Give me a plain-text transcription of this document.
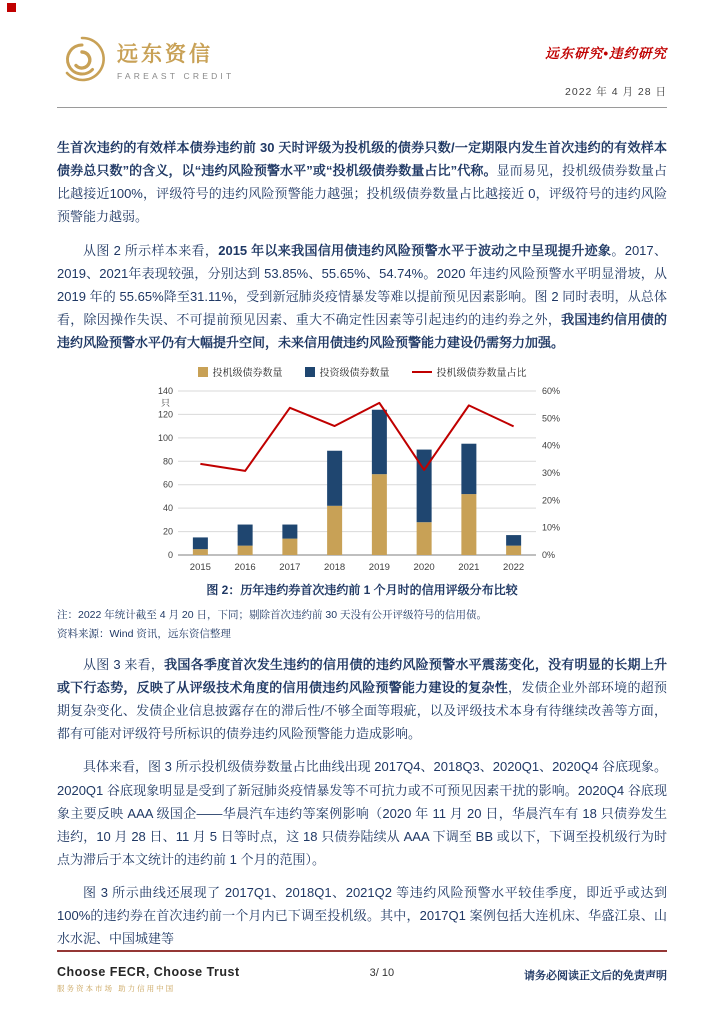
远东资信
FAREAST CREDIT
远东研究•违约研究
2022 年 4 月 28 日

生首次违约的有效样本债券违约前 30 天时评级为投机级的债券只数/一定期限内发生首次违约的有效样本债券总只数”的含义，以“违约风险预警水平”或“投机级债券数量占比”代称。显而易见，投机级债券数量占比越接近100%，评级符号的违约风险预警能力越强；投机级债券数量占比越接近 0，评级符号的违约风险预警能力越弱。

从图 2 所示样本来看，2015 年以来我国信用债违约风险预警水平于波动之中呈现提升迹象。2017、2019、2021年表现较强，分别达到 53.85%、55.65%、54.74%。2020 年违约风险预警水平明显滑坡，从 2019 年的 55.65%降至31.11%，受到新冠肺炎疫情暴发等难以提前预见因素影响。图 2 同时表明，从总体看，除因操作失误、不可提前预见因素、重大不确定性因素等引起违约的违约券之外，我国违约信用债的违约风险预警水平仍有大幅提升空间，未来信用债违约风险预警能力建设仍需努力加强。

投机级债券数量	投资级债券数量	投机级债券数量占比
0
20
40
60
80
100
120
140
只
0%
10%
20%
30%
40%
50%
60%
2015 2016 2017 2018 2019 2020 2021 2022
图 2：历年违约券首次违约前 1 个月时的信用评级分布比较
注：2022 年统计截至 4 月 20 日，下同；剔除首次违约前 30 天没有公开评级符号的信用债。
资料来源：Wind 资讯，远东资信整理

从图 3 来看，我国各季度首次发生违约的信用债的违约风险预警水平震荡变化，没有明显的长期上升或下行态势，反映了从评级技术角度的信用债违约风险预警能力建设的复杂性，发债企业外部环境的超预期复杂变化、发债企业信息披露存在的滞后性/不够全面等瑕疵，以及评级技术本身有待继续改善等方面，都有可能对评级符号所标识的债券违约风险预警能力造成影响。

具体来看，图 3 所示投机级债券数量占比曲线出现 2017Q4、2018Q3、2020Q1、2020Q4 谷底现象。2020Q1 谷底现象明显是受到了新冠肺炎疫情暴发等不可抗力或不可预见因素干扰的影响。2020Q4 谷底现象主要反映 AAA 级国企——华晨汽车违约等案例影响（2020 年 11 月 20 日，华晨汽车有 18 只债券发生违约，10 月 28 日、11 月 5 日等时点，这 18 只债券陆续从 AAA 下调至 BB 或以下，下调至投机级行为时点为滞后于本文统计的违约前 1 个月的范围）。

图 3 所示曲线还展现了 2017Q1、2018Q1、2021Q2 等违约风险预警水平较佳季度，即近乎或达到 100%的违约券在首次违约前一个月内已下调至投机级。其中，2017Q1 案例包括大连机床、华盛江泉、山水水泥、中国城建等

Choose FECR, Choose Trust
服务资本市场 助力信用中国
3/ 10	请务必阅读正文后的免责声明
